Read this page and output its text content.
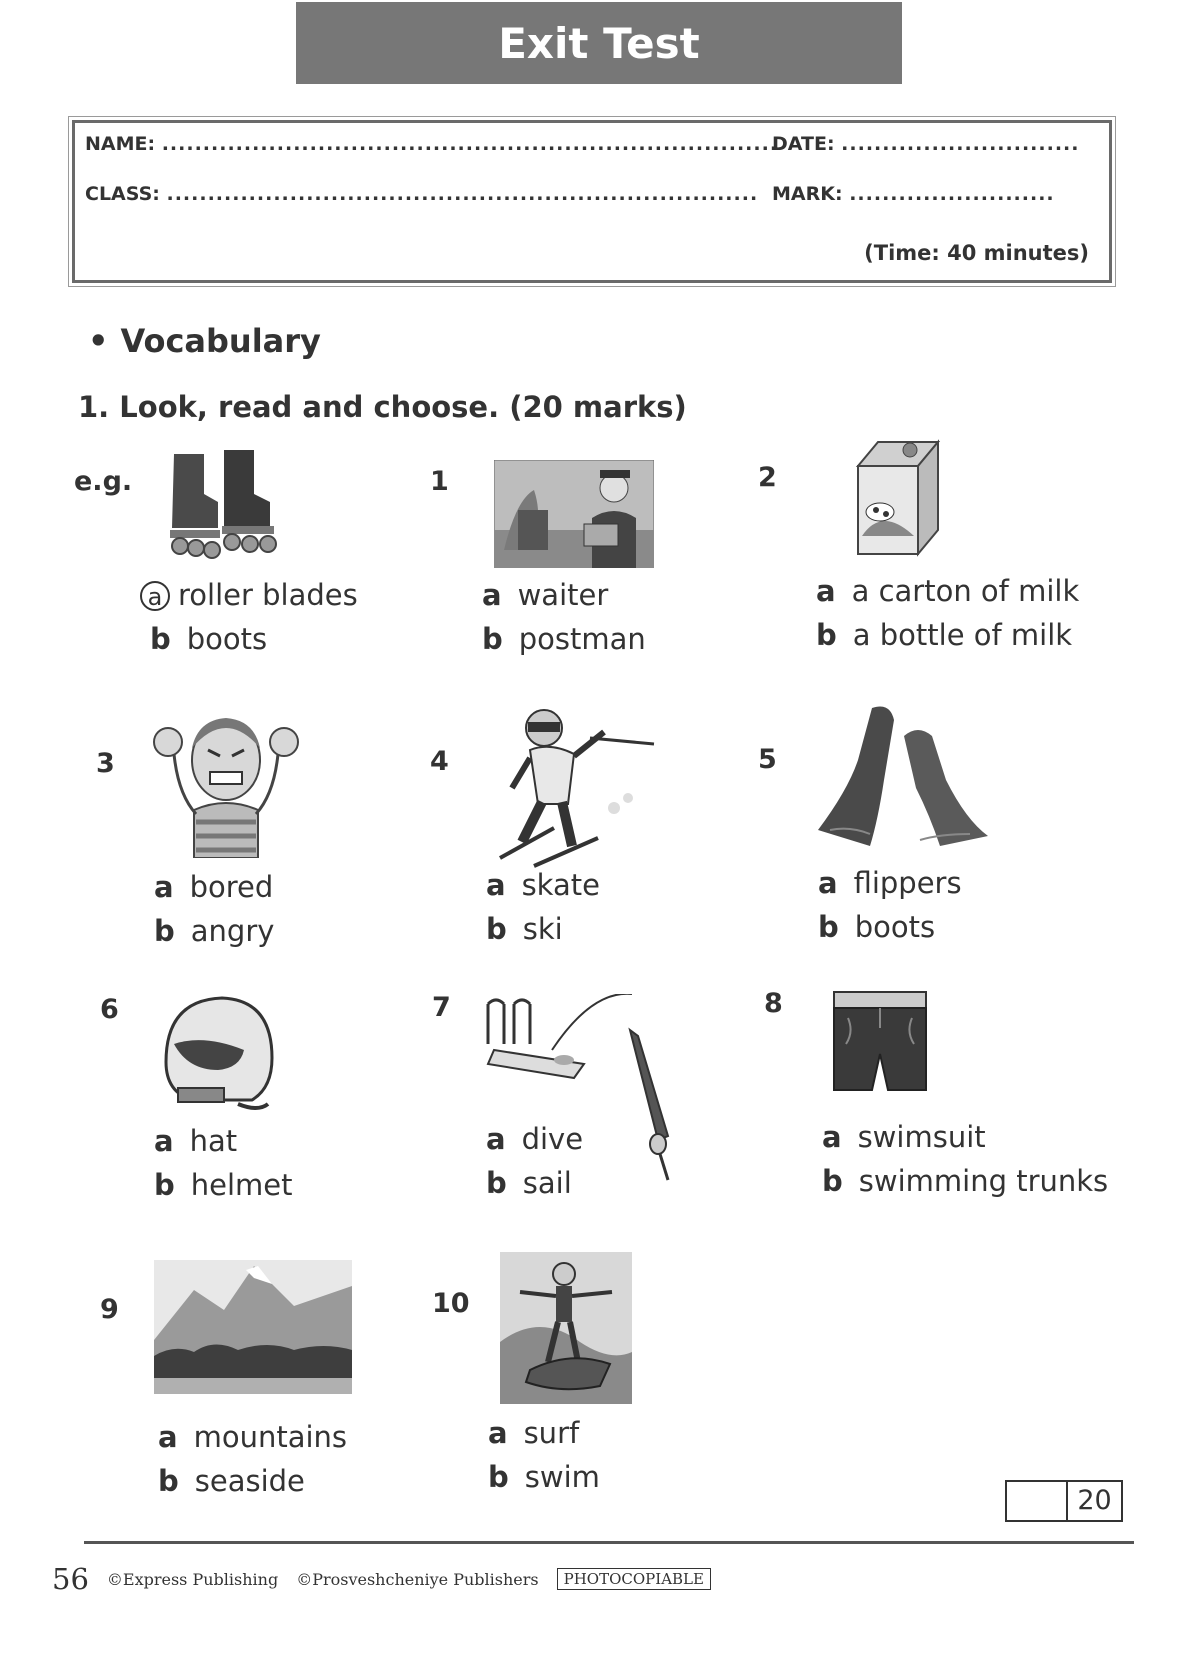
Exit Test
NAME: ...........................................................................
DATE: .............................
CLASS: ........................................................................ MARK: .........................
(Time: 40 minutes)
• Vocabulary
1. Look, read and choose. (20 marks)
e.g.
a roller blades
b boots
1
a waiter
b postman
2
a a carton of milk
b a bottle of milk
3
a bored
b angry
4
a skate
b ski
5
a flippers
b boots
6
a hat
b helmet
7
a dive
b sail
8
a swimsuit
b swimming trunks
9
a mountains
b seaside
10
a surf
b swim
20
56 ©Express Publishing ©Prosveshcheniye Publishers	PHOTOCOPIABLE
